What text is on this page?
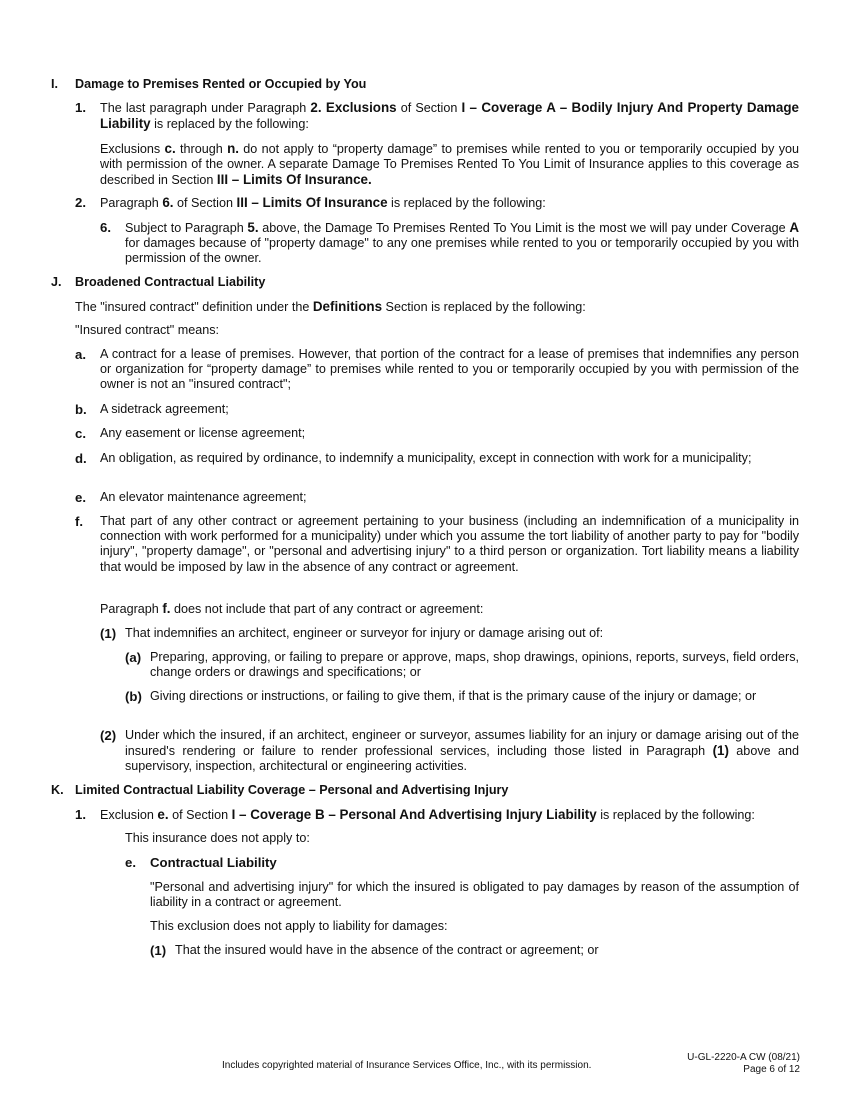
I. Damage to Premises Rented or Occupied by You
1. The last paragraph under Paragraph 2. Exclusions of Section I – Coverage A – Bodily Injury And Property Damage Liability is replaced by the following:
Exclusions c. through n. do not apply to “property damage” to premises while rented to you or temporarily occupied by you with permission of the owner. A separate Damage To Premises Rented To You Limit of Insurance applies to this coverage as described in Section III – Limits Of Insurance.
2. Paragraph 6. of Section III – Limits Of Insurance is replaced by the following:
6. Subject to Paragraph 5. above, the Damage To Premises Rented To You Limit is the most we will pay under Coverage A for damages because of "property damage" to any one premises while rented to you or temporarily occupied by you with permission of the owner.
J. Broadened Contractual Liability
The "insured contract" definition under the Definitions Section is replaced by the following:
"Insured contract" means:
a. A contract for a lease of premises. However, that portion of the contract for a lease of premises that indemnifies any person or organization for “property damage” to premises while rented to you or temporarily occupied by you with permission of the owner is not an "insured contract";
b. A sidetrack agreement;
c. Any easement or license agreement;
d. An obligation, as required by ordinance, to indemnify a municipality, except in connection with work for a municipality;
e. An elevator maintenance agreement;
f. That part of any other contract or agreement pertaining to your business (including an indemnification of a municipality in connection with work performed for a municipality) under which you assume the tort liability of another party to pay for "bodily injury", "property damage", or "personal and advertising injury" to a third person or organization. Tort liability means a liability that would be imposed by law in the absence of any contract or agreement.
Paragraph f. does not include that part of any contract or agreement:
(1) That indemnifies an architect, engineer or surveyor for injury or damage arising out of:
(a) Preparing, approving, or failing to prepare or approve, maps, shop drawings, opinions, reports, surveys, field orders, change orders or drawings and specifications; or
(b) Giving directions or instructions, or failing to give them, if that is the primary cause of the injury or damage; or
(2) Under which the insured, if an architect, engineer or surveyor, assumes liability for an injury or damage arising out of the insured's rendering or failure to render professional services, including those listed in Paragraph (1) above and supervisory, inspection, architectural or engineering activities.
K. Limited Contractual Liability Coverage – Personal and Advertising Injury
1. Exclusion e. of Section I – Coverage B – Personal And Advertising Injury Liability is replaced by the following:
This insurance does not apply to:
e. Contractual Liability
"Personal and advertising injury" for which the insured is obligated to pay damages by reason of the assumption of liability in a contract or agreement.
This exclusion does not apply to liability for damages:
(1) That the insured would have in the absence of the contract or agreement; or
Includes copyrighted material of Insurance Services Office, Inc., with its permission.
U-GL-2220-A CW (08/21)
Page 6 of 12
